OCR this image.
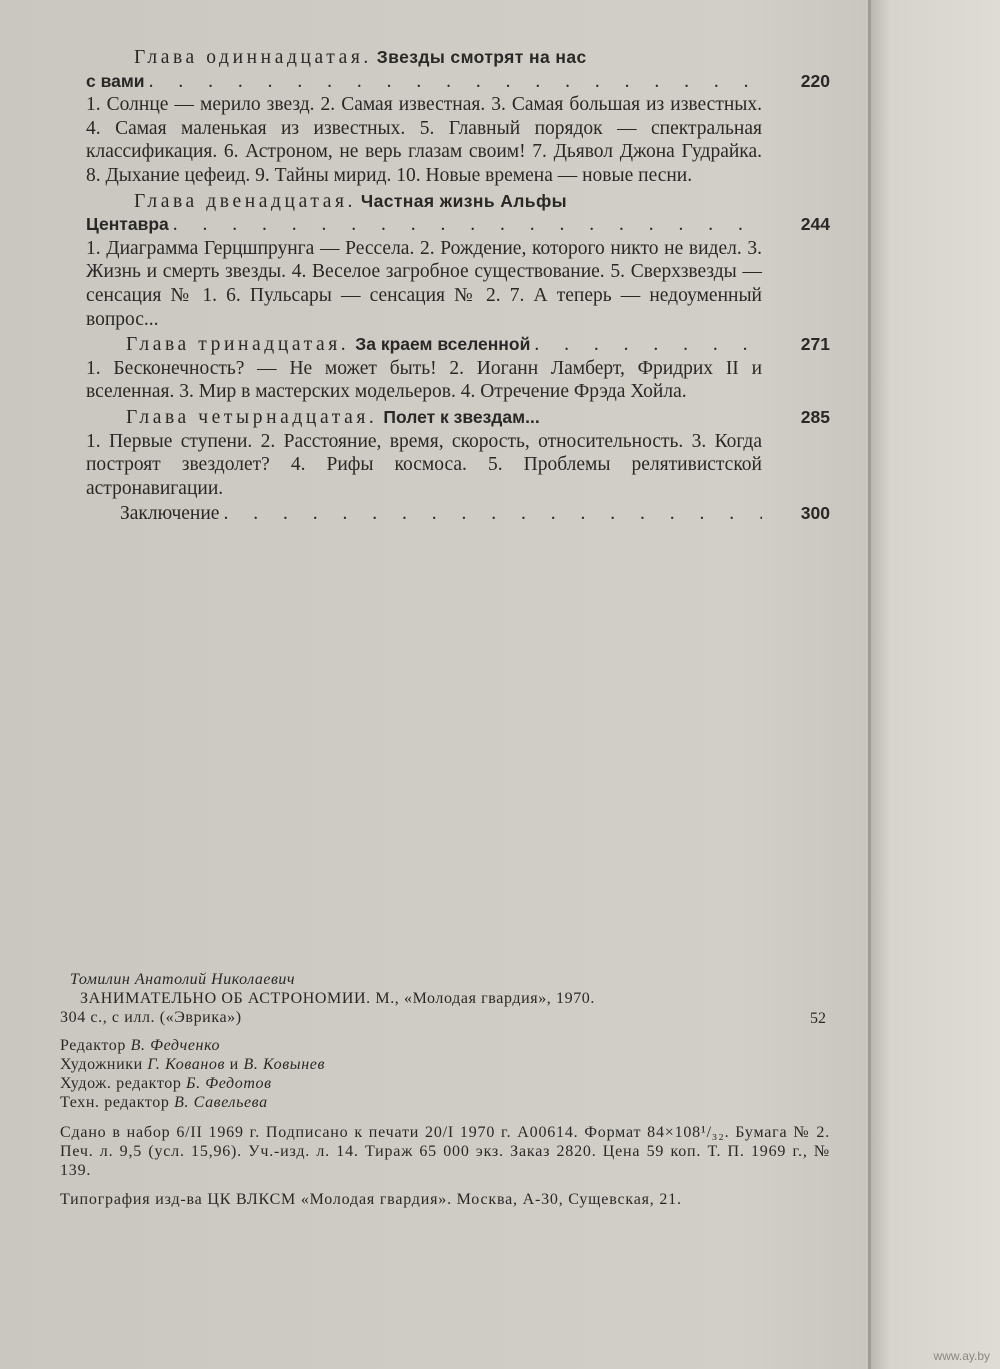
Глава одиннадцатая. Звезды смотрят на нас
с вами . . .	220
1. Солнце — мерило звезд. 2. Самая известная. 3. Самая большая из известных. 4. Самая маленькая из известных. 5. Главный порядок — спектральная классификация. 6. Астроном, не верь глазам своим! 7. Дьявол Джона Гудрайка. 8. Дыхание цефеид. 9. Тайны мирид. 10. Новые времена — новые песни.
Глава двенадцатая. Частная жизнь Альфы
Центавра . . .	244
1. Диаграмма Герцшпрунга — Рессела. 2. Рождение, которого никто не видел. 3. Жизнь и смерть звезды. 4. Веселое загробное существование. 5. Сверхзвезды — сенсация № 1. 6. Пульсары — сенсация № 2. 7. А теперь — недоуменный вопрос...
Глава тринадцатая. За краем вселенной . . .	271
1. Бесконечность? — Не может быть! 2. Иоганн Ламберт, Фридрих II и вселенная. 3. Мир в мастерских модельеров. 4. Отречение Фрэда Хойла.
Глава четырнадцатая. Полет к звездам...	285
1. Первые ступени. 2. Расстояние, время, скорость, относительность. 3. Когда построят звездолет? 4. Рифы космоса. 5. Проблемы релятивистской астронавигации.
Заключение . . .	300
Томилин Анатолий Николаевич
ЗАНИМАТЕЛЬНО ОБ АСТРОНОМИИ. М., «Молодая гвардия», 1970.
304 с., с илл. («Эврика»)	52
Редактор В. Федченко
Художники Г. Кованов и В. Ковынев
Худож. редактор Б. Федотов
Техн. редактор В. Савельева
Сдано в набор 6/II 1969 г. Подписано к печати 20/I 1970 г. А00614. Формат 84×108¹/₃₂. Бумага № 2. Печ. л. 9,5 (усл. 15,96). Уч.-изд. л. 14. Тираж 65 000 экз. Заказ 2820. Цена 59 коп. Т. П. 1969 г., № 139.
Типография изд-ва ЦК ВЛКСМ «Молодая гвардия». Москва, А-30, Сущевская, 21.
www.ay.by
